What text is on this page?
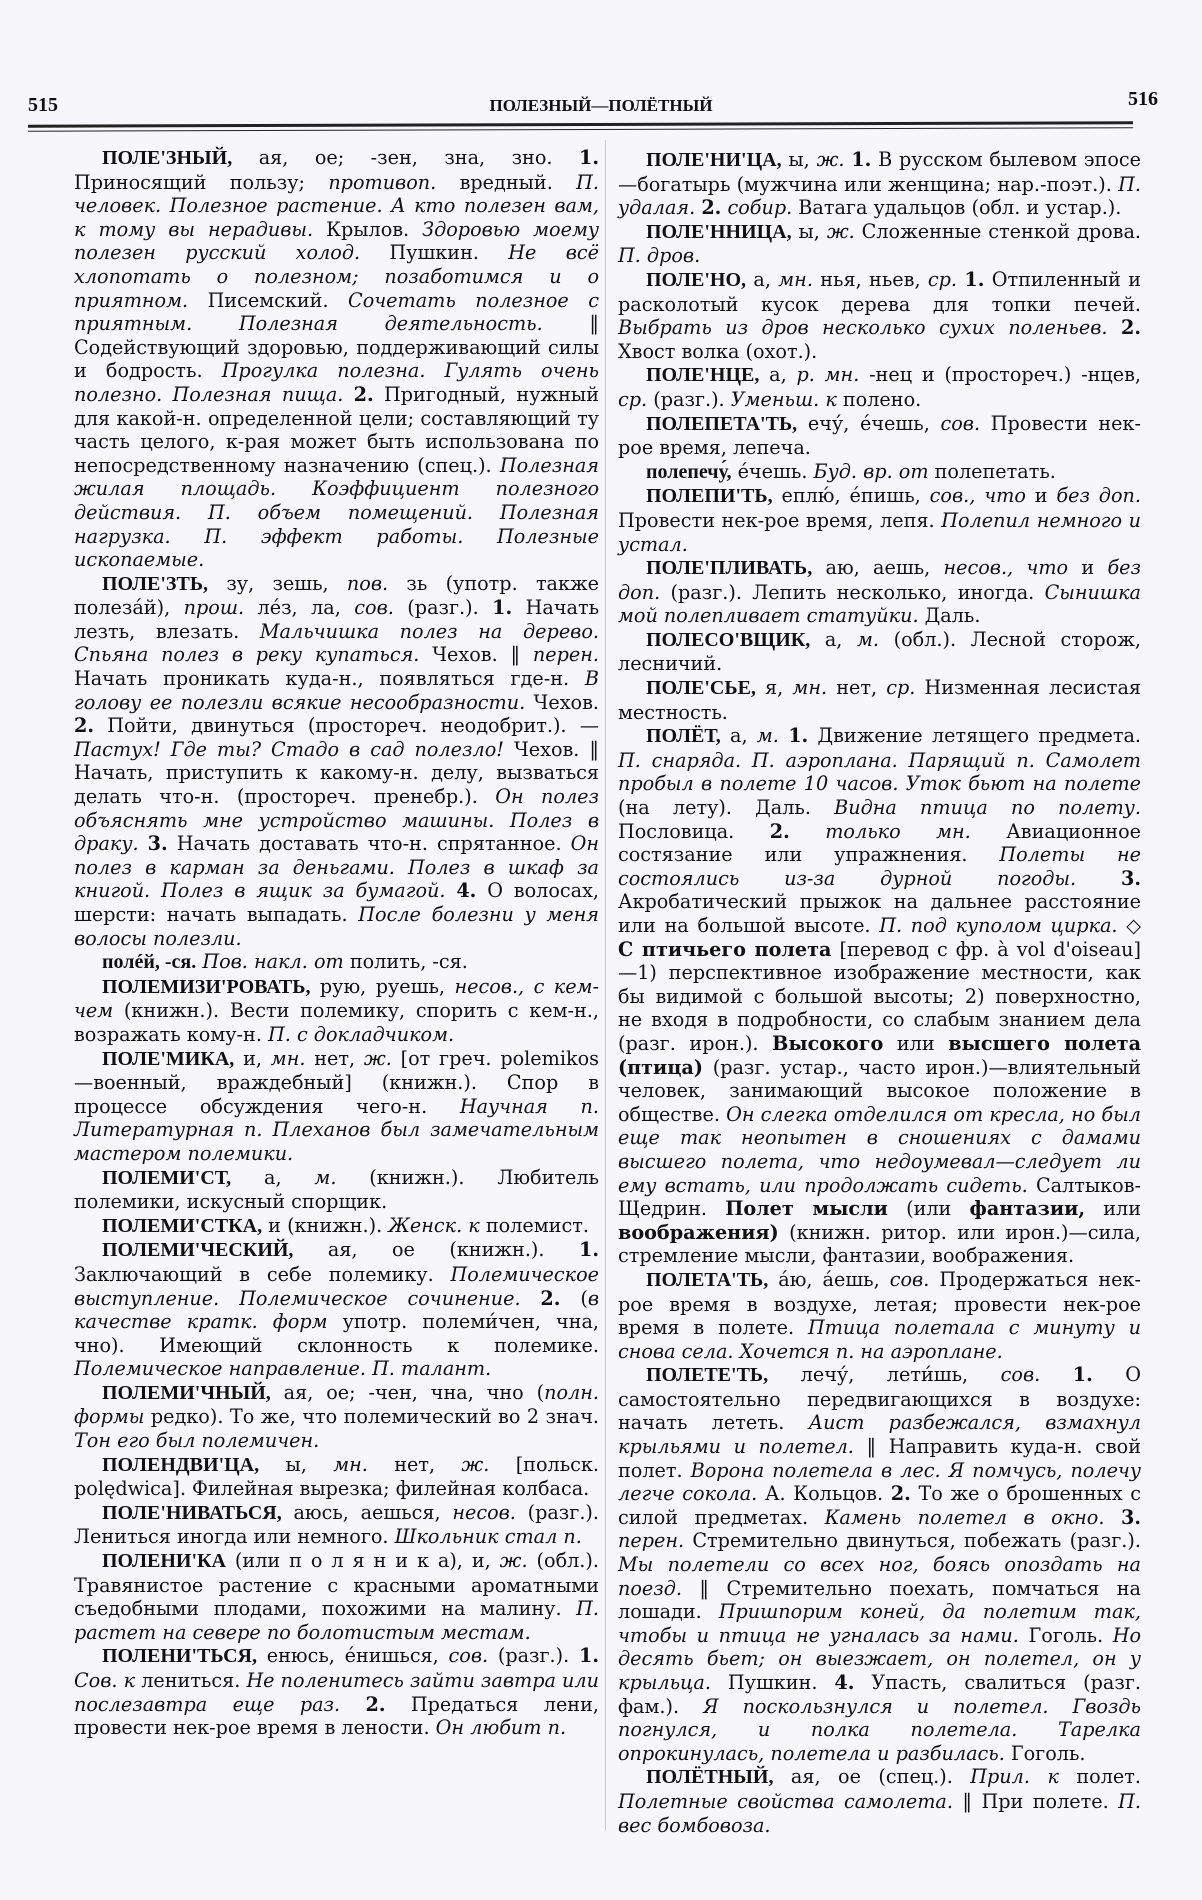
515	ПОЛЕЗНЫЙ—ПОЛЁТНЫЙ	516

ПОЛЕ'ЗНЫЙ, ая, ое; -зен, зна, зно. 1. Приносящий пользу; противоп. вредный. П. человек. Полезное растение. А кто полезен вам, к тому вы нерадивы. Крылов. Здоровью моему полезен русский холод. Пушкин. Не всё хлопотать о полезном; позаботимся и о приятном. Писемский. Сочетать полезное с приятным. Полезная деятельность. ‖ Содействующий здоровью, поддерживающий силы и бодрость. Прогулка полезна. Гулять очень полезно. Полезная пища. 2. Пригодный, нужный для какой-н. определенной цели; составляющий ту часть целого, к-рая может быть использована по непосредственному назначению (спец.). Полезная жилая площадь. Коэффициент полезного действия. П. объем помещений. Полезная нагрузка. П. эффект работы. Полезные ископаемые.

ПОЛЕ'ЗТЬ, зу, зешь, пов. зь (употр. также полезáй), прош. лéз, ла, сов. (разг.). 1. Начать лезть, влезать. Мальчишка полез на дерево. Спьяна полез в реку купаться. Чехов. ‖ перен. Начать проникать куда-н., появляться где-н. В голову ее полезли всякие несообразности. Чехов. 2. Пойти, двинуться (простореч. неодобрит.). —Пастух! Где ты? Стадо в сад полезло! Чехов. ‖ Начать, приступить к какому-н. делу, вызваться делать что-н. (простореч. пренебр.). Он полез объяснять мне устройство машины. Полез в драку. 3. Начать доставать что-н. спрятанное. Он полез в карман за деньгами. Полез в шкаф за книгой. Полез в ящик за бумагой. 4. О волосах, шерсти: начать выпадать. После болезни у меня волосы полезли.

полéй, -ся. Пов. накл. от полить, -ся.

ПОЛЕМИЗИ'РОВАТЬ, рую, руешь, несов., с кем-чем (книжн.). Вести полемику, спорить с кем-н., возражать кому-н. П. с докладчиком.

ПОЛЕ'МИКА, и, мн. нет, ж. [от греч. polemikos—военный, враждебный] (книжн.). Спор в процессе обсуждения чего-н. Научная п. Литературная п. Плеханов был замечательным мастером полемики.

ПОЛЕМИ'СТ, а, м. (книжн.). Любитель полемики, искусный спорщик.

ПОЛЕМИ'СТКА, и (книжн.). Женск. к полемист.

ПОЛЕМИ'ЧЕСКИЙ, ая, ое (книжн.). 1. Заключающий в себе полемику. Полемическое выступление. Полемическое сочинение. 2. (в качестве кратк. форм употр. полеми́чен, чна, чно). Имеющий склонность к полемике. Полемическое направление. П. талант.

ПОЛЕМИ'ЧНЫЙ, ая, ое; -чен, чна, чно (полн. формы редко). То же, что полемический во 2 знач. Тон его был полемичен.

ПОЛЕНДВИ'ЦА, ы, мн. нет, ж. [польск. polędwica]. Филейная вырезка; филейная колбаса.

ПОЛЕ'НИВАТЬСЯ, аюсь, аешься, несов. (разг.). Лениться иногда или немного. Школьник стал п.

ПОЛЕНИ'КА (или п о л я н и к а), и, ж. (обл.). Травянистое растение с красными ароматными съедобными плодами, похожими на малину. П. растет на севере по болотистым местам.

ПОЛЕНИ'ТЬСЯ, енюсь, éнишься, сов. (разг.). 1. Сов. к лениться. Не поленитесь зайти завтра или послезавтра еще раз. 2. Предаться лени, провести нек-рое время в лености. Он любит п.

ПОЛЕ'НИ'ЦА, ы, ж. 1. В русском былевом эпосе—богатырь (мужчина или женщина; нар.-поэт.). П. удалая. 2. собир. Ватага удальцов (обл. и устар.).

ПОЛЕ'ННИЦА, ы, ж. Сложенные стенкой дрова. П. дров.

ПОЛЕ'НО, а, мн. нья, ньев, ср. 1. Отпиленный и расколотый кусок дерева для топки печей. Выбрать из дров несколько сухих поленьев. 2. Хвост волка (охот.).

ПОЛЕ'НЦЕ, а, р. мн. -нец и (простореч.) -нцев, ср. (разг.). Уменьш. к полено.

ПОЛЕПЕТА'ТЬ, ечу́, éчешь, сов. Провести нек-рое время, лепеча.

полепечу́, éчешь. Буд. вр. от полепетать.

ПОЛЕПИ'ТЬ, еплю́, éпишь, сов., что и без доп. Провести нек-рое время, лепя. Полепил немного и устал.

ПОЛЕ'ПЛИВАТЬ, аю, аешь, несов., что и без доп. (разг.). Лепить несколько, иногда. Сынишка мой полепливает статуйки. Даль.

ПОЛЕСО'ВЩИК, а, м. (обл.). Лесной сторож, лесничий.

ПОЛЕ'СЬЕ, я, мн. нет, ср. Низменная лесистая местность.

ПОЛЁТ, а, м. 1. Движение летящего предмета. П. снаряда. П. аэроплана. Парящий п. Самолет пробыл в полете 10 часов. Уток бьют на полете (на лету). Даль. Видна птица по полету. Пословица. 2. только мн. Авиационное состязание или упражнения. Полеты не состоялись из-за дурной погоды. 3. Акробатический прыжок на дальнее расстояние или на большой высоте. П. под куполом цирка. ◇ С птичьего полета [перевод с фр. à vol d'oiseau]—1) перспективное изображение местности, как бы видимой с большой высоты; 2) поверхностно, не входя в подробности, со слабым знанием дела (разг. ирон.). Высокого или высшего полета (птица) (разг. устар., часто ирон.)—влиятельный человек, занимающий высокое положение в обществе. Он слегка отделился от кресла, но был еще так неопытен в сношениях с дамами высшего полета, что недоумевал—следует ли ему встать, или продолжать сидеть. Салтыков-Щедрин. Полет мысли (или фантазии, или воображения) (книжн. ритор. или ирон.)—сила, стремление мысли, фантазии, воображения.

ПОЛЕТА'ТЬ, áю, áешь, сов. Продержаться нек-рое время в воздухе, летая; провести нек-рое время в полете. Птица полетала с минуту и снова села. Хочется п. на аэроплане.

ПОЛЕТЕ'ТЬ, лечу́, лети́шь, сов. 1. О самостоятельно передвигающихся в воздухе: начать лететь. Аист разбежался, взмахнул крыльями и полетел. ‖ Направить куда-н. свой полет. Ворона полетела в лес. Я помчусь, полечу легче сокола. А. Кольцов. 2. То же о брошенных с силой предметах. Камень полетел в окно. 3. перен. Стремительно двинуться, побежать (разг.). Мы полетели со всех ног, боясь опоздать на поезд. ‖ Стремительно поехать, помчаться на лошади. Пришпорим коней, да полетим так, чтобы и птица не угналась за нами. Гоголь. Но десять бьет; он выезжает, он полетел, он у крыльца. Пушкин. 4. Упасть, свалиться (разг. фам.). Я поскользнулся и полетел. Гвоздь погнулся, и полка полетела. Тарелка опрокинулась, полетела и разбилась. Гоголь.

ПОЛЁТНЫЙ, ая, ое (спец.). Прил. к полет. Полетные свойства самолета. ‖ При полете. П. вес бомбовоза.
